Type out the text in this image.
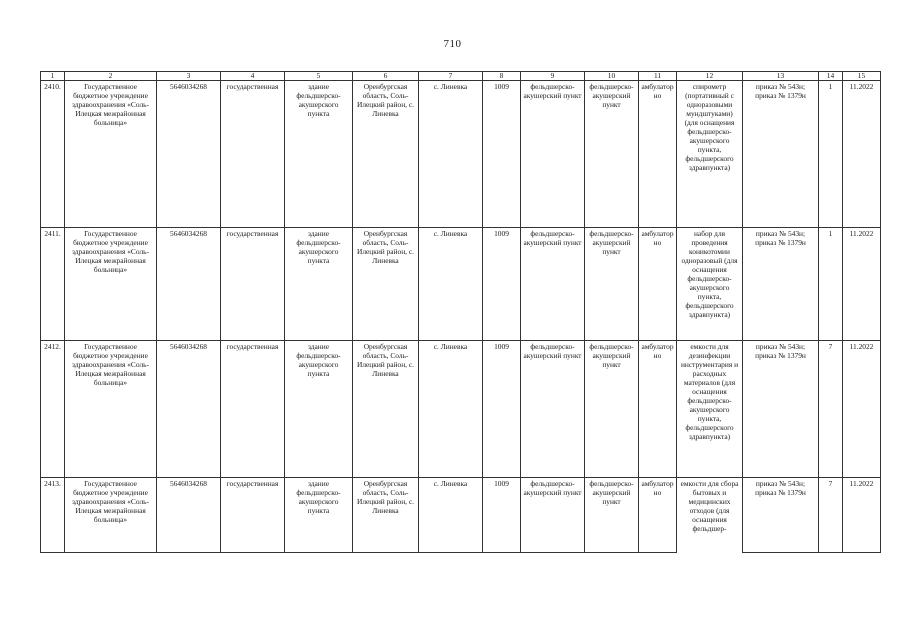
710
1	2	3	4	5	6	7	8	9	10	11	12	13	14	15
2410.	Государственное бюджетное учреждение здравоохранения «Соль-Илецкая межрайонная больница»	5646034268	государственная	здание фельдшерско-акушерского пункта	Оренбургская область, Соль-Илецкий район, с. Линевка	с. Линевка	1009	фельдшерско-акушерский пункт	фельдшерско-акушерский пункт	амбулаторно	спирометр (портативный с одноразовыми мундштуками) (для оснащения фельдшерско-акушерского пункта, фельдшерского здравпункта)	приказ № 543н; приказ № 1379н	1	11.2022
2411.	Государственное бюджетное учреждение здравоохранения «Соль-Илецкая межрайонная больница»	5646034268	государственная	здание фельдшерско-акушерского пункта	Оренбургская область, Соль-Илецкий район, с. Линевка	с. Линевка	1009	фельдшерско-акушерский пункт	фельдшерско-акушерский пункт	амбулаторно	набор для проведения коникотомии одноразовый (для оснащения фельдшерско-акушерского пункта, фельдшерского здравпункта)	приказ № 543н; приказ № 1379н	1	11.2022
2412.	Государственное бюджетное учреждение здравоохранения «Соль-Илецкая межрайонная больница»	5646034268	государственная	здание фельдшерско-акушерского пункта	Оренбургская область, Соль-Илецкий район, с. Линевка	с. Линевка	1009	фельдшерско-акушерский пункт	фельдшерско-акушерский пункт	амбулаторно	емкости для дезинфекции инструментария и расходных материалов (для оснащения фельдшерско-акушерского пункта, фельдшерского здравпункта)	приказ № 543н; приказ № 1379н	7	11.2022
2413.	Государственное бюджетное учреждение здравоохранения «Соль-Илецкая межрайонная больница»	5646034268	государственная	здание фельдшерско-акушерского пункта	Оренбургская область, Соль-Илецкий район, с. Линевка	с. Линевка	1009	фельдшерско-акушерский пункт	фельдшерско-акушерский пункт	амбулаторно	емкости для сбора бытовых и медицинских отходов (для оснащения фельдшер-	приказ № 543н; приказ № 1379н	7	11.2022
